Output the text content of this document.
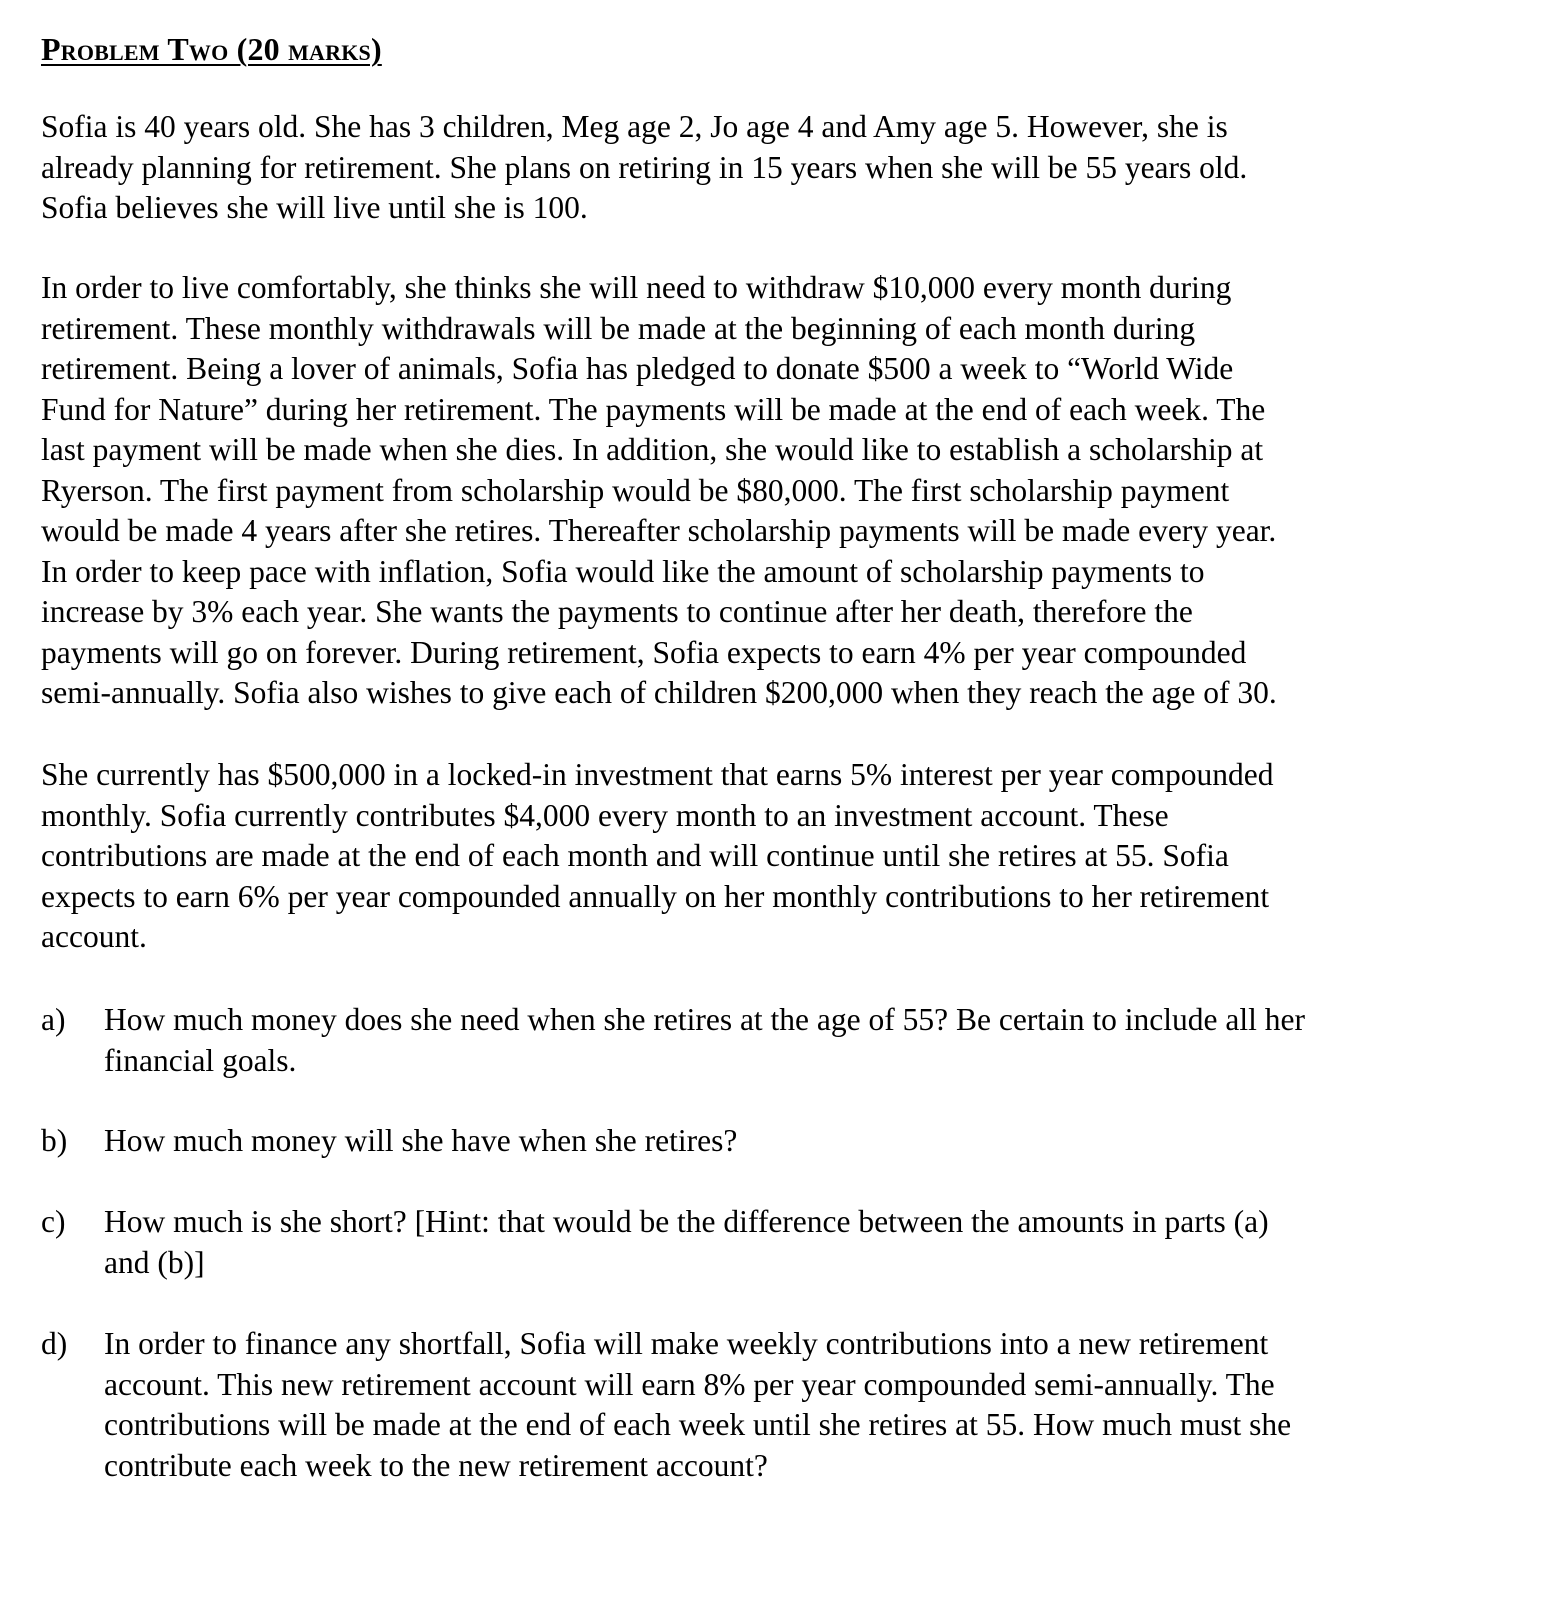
Problem Two (20 marks)
Sofia is 40 years old. She has 3 children, Meg age 2, Jo age 4 and Amy age 5. However, she is
already planning for retirement. She plans on retiring in 15 years when she will be 55 years old.
Sofia believes she will live until she is 100.
In order to live comfortably, she thinks she will need to withdraw $10,000 every month during
retirement. These monthly withdrawals will be made at the beginning of each month during
retirement. Being a lover of animals, Sofia has pledged to donate $500 a week to “World Wide
Fund for Nature” during her retirement. The payments will be made at the end of each week. The
last payment will be made when she dies. In addition, she would like to establish a scholarship at
Ryerson. The first payment from scholarship would be $80,000. The first scholarship payment
would be made 4 years after she retires. Thereafter scholarship payments will be made every year.
In order to keep pace with inflation, Sofia would like the amount of scholarship payments to
increase by 3% each year. She wants the payments to continue after her death, therefore the
payments will go on forever. During retirement, Sofia expects to earn 4% per year compounded
semi-annually. Sofia also wishes to give each of children $200,000 when they reach the age of 30.
She currently has $500,000 in a locked-in investment that earns 5% interest per year compounded
monthly. Sofia currently contributes $4,000 every month to an investment account. These
contributions are made at the end of each month and will continue until she retires at 55. Sofia
expects to earn 6% per year compounded annually on her monthly contributions to her retirement
account.
a) How much money does she need when she retires at the age of 55? Be certain to include all her
financial goals.
b) How much money will she have when she retires?
c) How much is she short? [Hint: that would be the difference between the amounts in parts (a)
and (b)]
d) In order to finance any shortfall, Sofia will make weekly contributions into a new retirement
account. This new retirement account will earn 8% per year compounded semi-annually. The
contributions will be made at the end of each week until she retires at 55. How much must she
contribute each week to the new retirement account?
